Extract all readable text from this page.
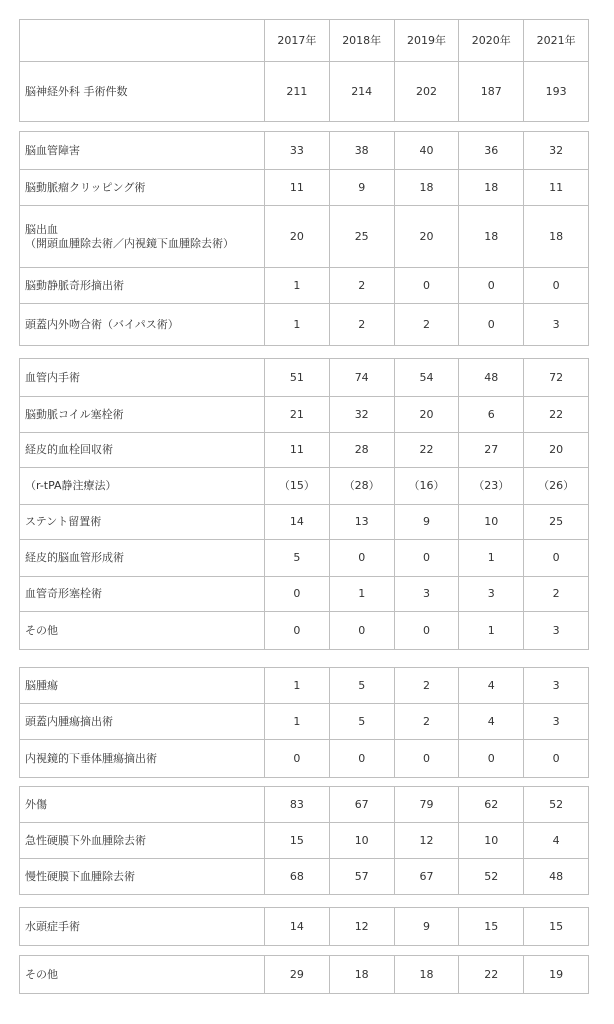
	2017年	2018年	2019年	2020年	2021年
脳神経外科 手術件数	211	214	202	187	193
脳血管障害	33	38	40	36	32
脳動脈瘤クリッピング術	11	9	18	18	11
脳出血
（開頭血腫除去術／内視鏡下血腫除去術）	20	25	20	18	18
脳動静脈奇形摘出術	1	2	0	0	0
頭蓋内外吻合術（バイパス術）	1	2	2	0	3
血管内手術	51	74	54	48	72
脳動脈コイル塞栓術	21	32	20	6	22
経皮的血栓回収術	11	28	22	27	20
（r-tPA静注療法）	（15）	（28）	（16）	（23）	（26）
ステント留置術	14	13	9	10	25
経皮的脳血管形成術	5	0	0	1	0
血管奇形塞栓術	0	1	3	3	2
その他	0	0	0	1	3
脳腫瘍	1	5	2	4	3
頭蓋内腫瘍摘出術	1	5	2	4	3
内視鏡的下垂体腫瘍摘出術	0	0	0	0	0
外傷	83	67	79	62	52
急性硬膜下外血腫除去術	15	10	12	10	4
慢性硬膜下血腫除去術	68	57	67	52	48
水頭症手術	14	12	9	15	15
その他	29	18	18	22	19
